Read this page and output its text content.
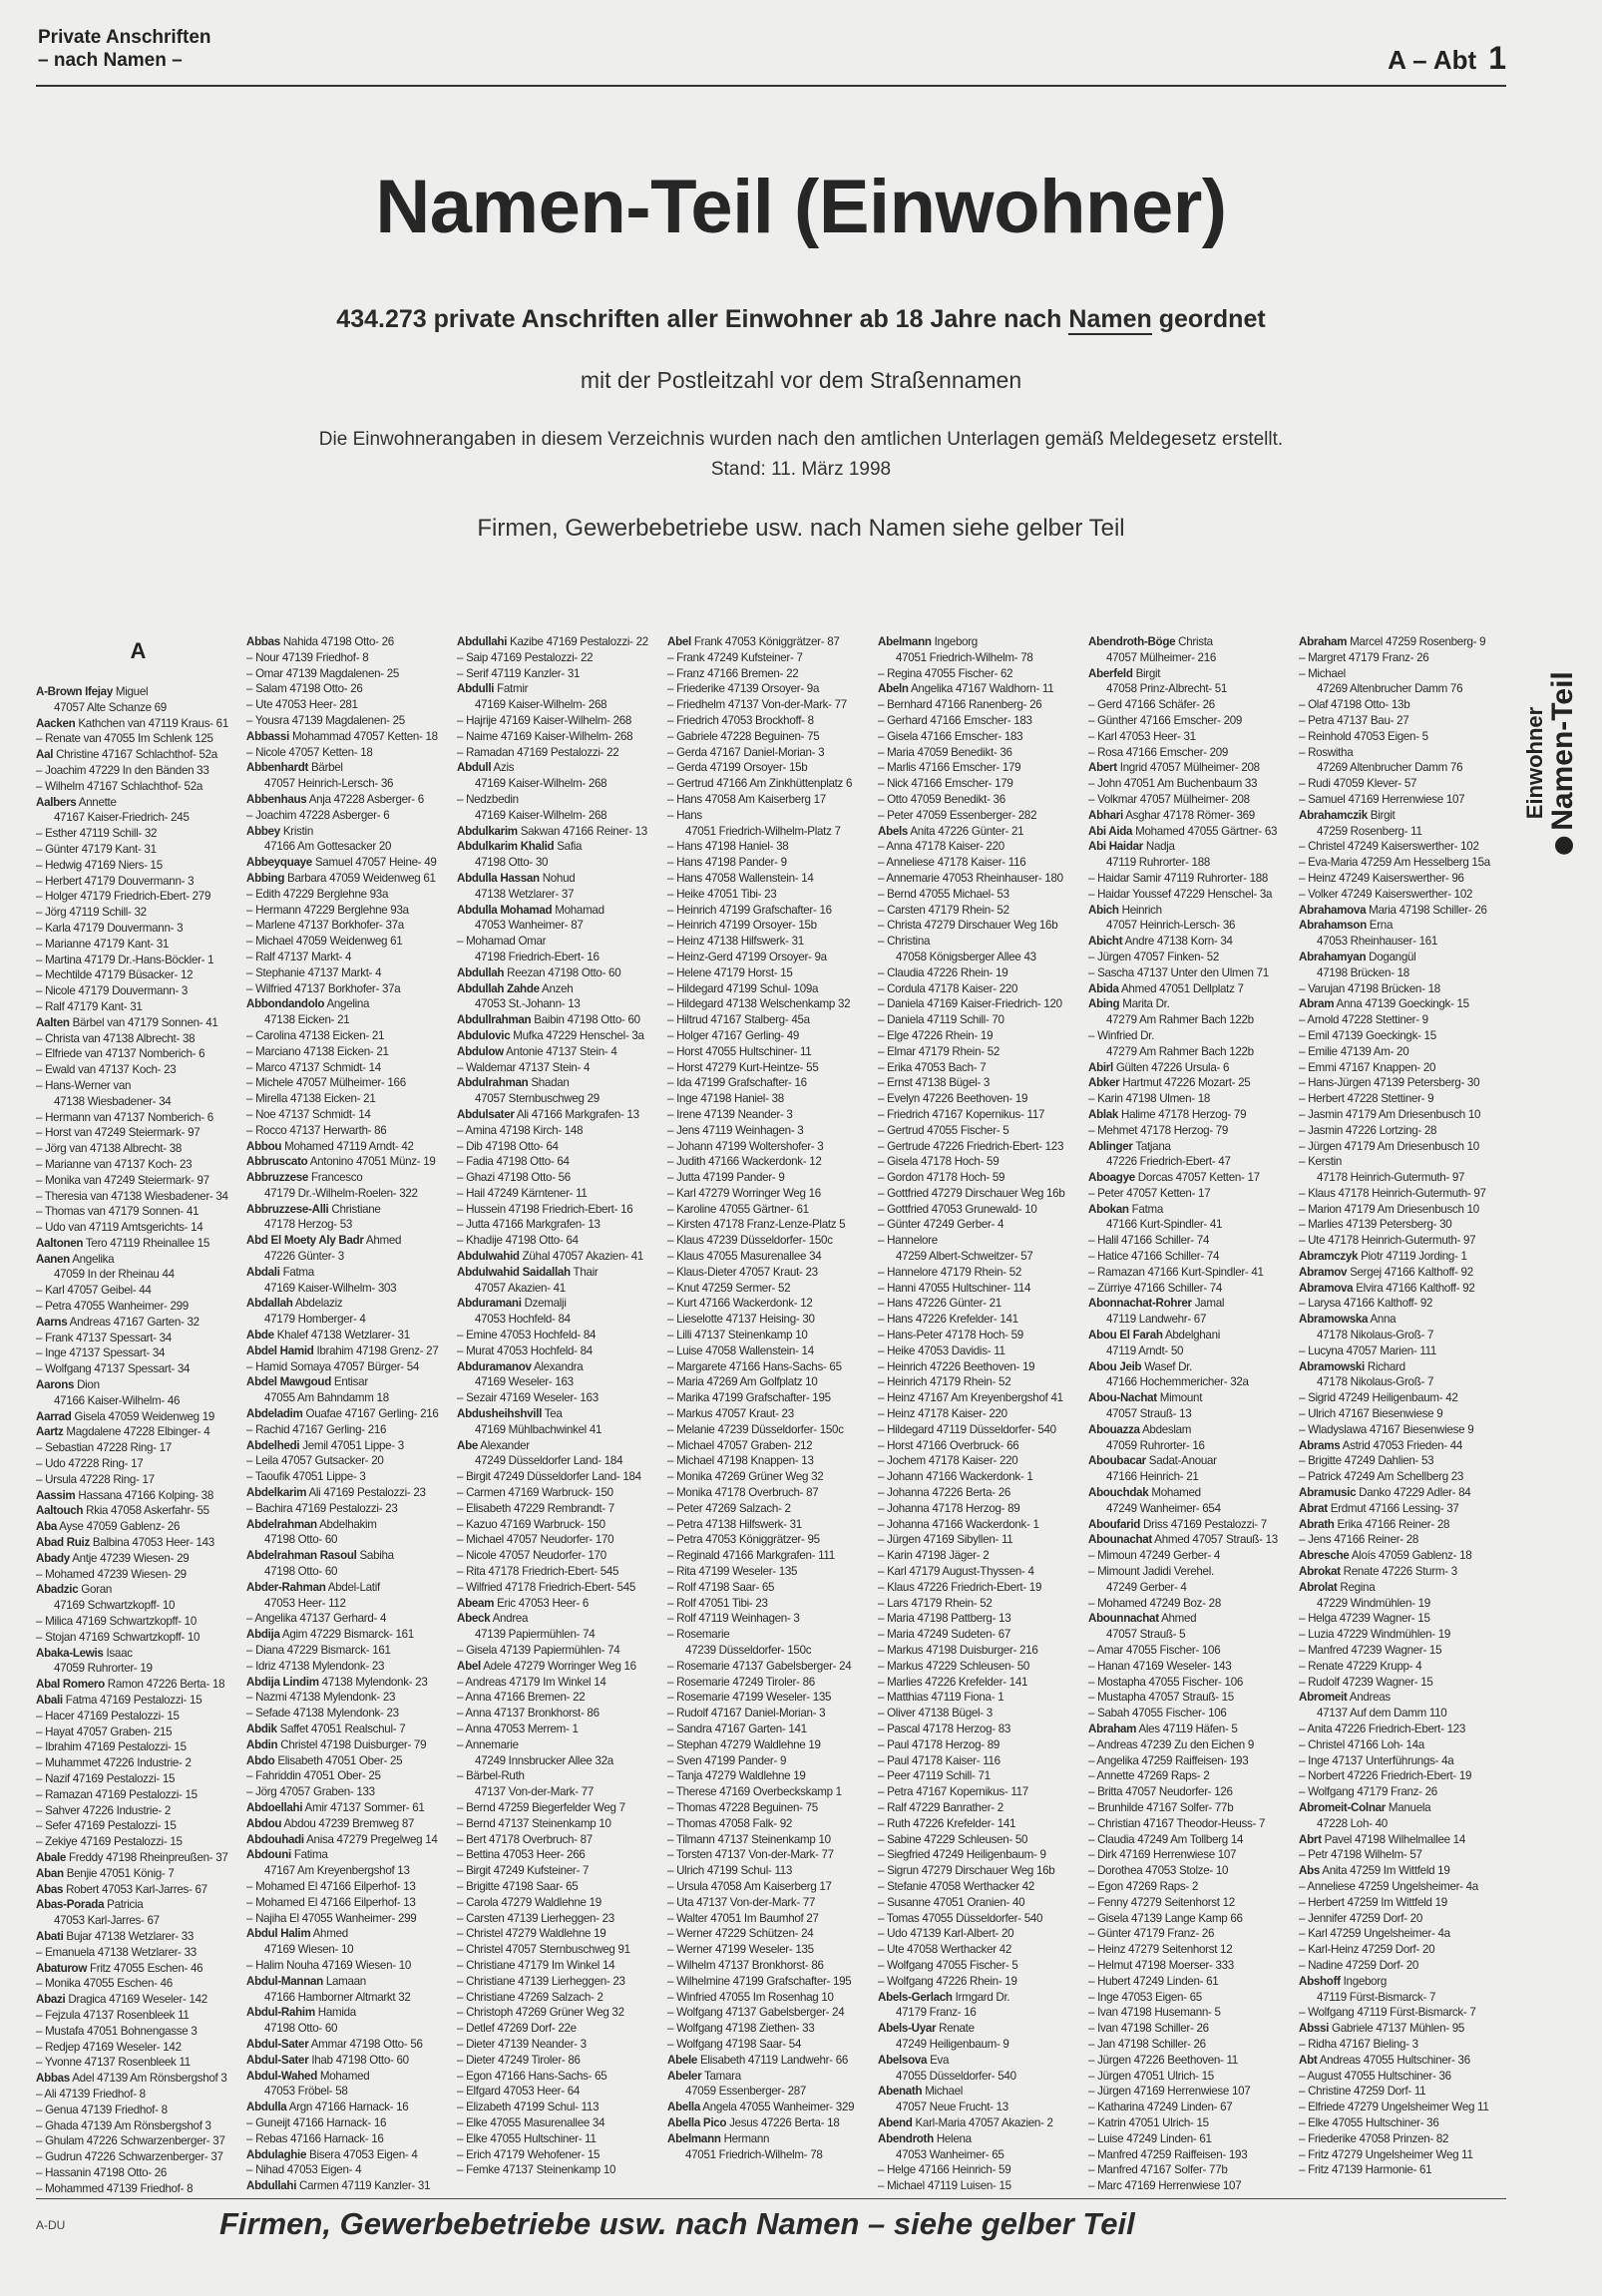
Private Anschriften
– nach Namen –	A – Abt 1
Namen-Teil (Einwohner)
434.273 private Anschriften aller Einwohner ab 18 Jahre nach Namen geordnet
mit der Postleitzahl vor dem Straßennamen
Die Einwohnerangaben in diesem Verzeichnis wurden nach den amtlichen Unterlagen gemäß Meldegesetz erstellt.
Stand: 11. März 1998
Firmen, Gewerbebetriebe usw. nach Namen siehe gelber Teil
Einwohner Namen-Teil
A
A-Brown Ifejay Miguel
47057 Alte Schanze 69
Aacken Kathchen van 47119 Kraus- 61
– Renate van 47055 Im Schlenk 125
Aal Christine 47167 Schlachthof- 52a
– Joachim 47229 In den Bänden 33
– Wilhelm 47167 Schlachthof- 52a
Aalbers Annette
47167 Kaiser-Friedrich- 245
– Esther 47119 Schill- 32
– Günter 47179 Kant- 31
– Hedwig 47169 Niers- 15
– Herbert 47179 Douvermann- 3
– Holger 47179 Friedrich-Ebert- 279
– Jörg 47119 Schill- 32
– Karla 47179 Douvermann- 3
– Marianne 47179 Kant- 31
– Martina 47179 Dr.-Hans-Böckler- 1
– Mechtilde 47179 Büsacker- 12
– Nicole 47179 Douvermann- 3
– Ralf 47179 Kant- 31
Aalten Bärbel van 47179 Sonnen- 41
– Christa van 47138 Albrecht- 38
– Elfriede van 47137 Nomberich- 6
– Ewald van 47137 Koch- 23
– Hans-Werner van
47138 Wiesbadener- 34
– Hermann van 47137 Nomberich- 6
– Horst van 47249 Steiermark- 97
– Jörg van 47138 Albrecht- 38
– Marianne van 47137 Koch- 23
– Monika van 47249 Steiermark- 97
– Theresia van 47138 Wiesbadener- 34
– Thomas van 47179 Sonnen- 41
– Udo van 47119 Amtsgerichts- 14
Aaltonen Tero 47119 Rheinallee 15
Aanen Angelika
47059 In der Rheinau 44
– Karl 47057 Geibel- 44
– Petra 47055 Wanheimer- 299
Aarns Andreas 47167 Garten- 32
– Frank 47137 Spessart- 34
– Inge 47137 Spessart- 34
– Wolfgang 47137 Spessart- 34
Aarons Dion
47166 Kaiser-Wilhelm- 46
Aarrad Gisela 47059 Weidenweg 19
Aartz Magdalene 47228 Elbinger- 4
– Sebastian 47228 Ring- 17
– Udo 47228 Ring- 17
– Ursula 47228 Ring- 17
Aassim Hassana 47166 Kolping- 38
Aaltouch Rkia 47058 Askerfahr- 55
Aba Ayse 47059 Gablenz- 26
Abad Ruiz Balbina 47053 Heer- 143
Abady Antje 47239 Wiesen- 29
– Mohamed 47239 Wiesen- 29
Abadzic Goran
47169 Schwartzkopff- 10
– Milica 47169 Schwartzkopff- 10
– Stojan 47169 Schwartzkopff- 10
Abaka-Lewis Isaac
47059 Ruhrorter- 19
Abal Romero Ramon 47226 Berta- 18
Abali Fatma 47169 Pestalozzi- 15
– Hacer 47169 Pestalozzi- 15
– Hayat 47057 Graben- 215
– Ibrahim 47169 Pestalozzi- 15
– Muhammet 47226 Industrie- 2
– Nazif 47169 Pestalozzi- 15
– Ramazan 47169 Pestalozzi- 15
– Sahver 47226 Industrie- 2
– Sefer 47169 Pestalozzi- 15
– Zekiye 47169 Pestalozzi- 15
Abale Freddy 47198 Rheinpreußen- 37
Aban Benjie 47051 König- 7
Abas Robert 47053 Karl-Jarres- 67
Abas-Porada Patricia
47053 Karl-Jarres- 67
Abati Bujar 47138 Wetzlarer- 33
– Emanuela 47138 Wetzlarer- 33
Abaturow Fritz 47055 Eschen- 46
– Monika 47055 Eschen- 46
Abazi Dragica 47169 Weseler- 142
– Fejzula 47137 Rosenbleek 11
– Mustafa 47051 Bohnengasse 3
– Redjep 47169 Weseler- 142
– Yvonne 47137 Rosenbleek 11
Abbas Adel 47139 Am Rönsbergshof 3
– Ali 47139 Friedhof- 8
– Genua 47139 Friedhof- 8
– Ghada 47139 Am Rönsbergshof 3
– Ghulam 47226 Schwarzenberger- 37
– Gudrun 47226 Schwarzenberger- 37
– Hassanin 47198 Otto- 26
– Mohammed 47139 Friedhof- 8
Abbas Nahida 47198 Otto- 26
– Nour 47139 Friedhof- 8
– Omar 47139 Magdalenen- 25
– Salam 47198 Otto- 26
– Ute 47053 Heer- 281
– Yousra 47139 Magdalenen- 25
Abbassi Mohammad 47057 Ketten- 18
– Nicole 47057 Ketten- 18
Abbenhardt Bärbel
47057 Heinrich-Lersch- 36
Abbenhaus Anja 47228 Asberger- 6
– Joachim 47228 Asberger- 6
Abbey Kristin
47166 Am Gottesacker 20
Abbeyquaye Samuel 47057 Heine- 49
Abbing Barbara 47059 Weidenweg 61
– Edith 47229 Berglehne 93a
– Hermann 47229 Berglehne 93a
– Marlene 47137 Borkhofer- 37a
– Michael 47059 Weidenweg 61
– Ralf 47137 Markt- 4
– Stephanie 47137 Markt- 4
– Wilfried 47137 Borkhofer- 37a
Abbondandolo Angelina
47138 Eicken- 21
– Carolina 47138 Eicken- 21
– Marciano 47138 Eicken- 21
– Marco 47137 Schmidt- 14
– Michele 47057 Mülheimer- 166
– Mirella 47138 Eicken- 21
– Noe 47137 Schmidt- 14
– Rocco 47137 Herwarth- 86
Abbou Mohamed 47119 Arndt- 42
Abbruscato Antonino 47051 Münz- 19
Abbruzzese Francesco
47179 Dr.-Wilhelm-Roelen- 322
Abbruzzese-Alli Christiane
47178 Herzog- 53
Abd El Moety Aly Badr Ahmed
47226 Günter- 3
Abdali Fatma
47169 Kaiser-Wilhelm- 303
Abdallah Abdelaziz
47179 Homberger- 4
Abde Khalef 47138 Wetzlarer- 31
Abdel Hamid Ibrahim 47198 Grenz- 27
– Hamid Somaya 47057 Bürger- 54
Abdel Mawgoud Entisar
47055 Am Bahndamm 18
Abdeladim Ouafae 47167 Gerling- 216
– Rachid 47167 Gerling- 216
Abdelhedi Jemil 47051 Lippe- 3
– Leila 47057 Gutsacker- 20
– Taoufik 47051 Lippe- 3
Abdelkarim Ali 47169 Pestalozzi- 23
– Bachira 47169 Pestalozzi- 23
Abdelrahman Abdelhakim
47198 Otto- 60
Abdelrahman Rasoul Sabiha
47198 Otto- 60
Abder-Rahman Abdel-Latif
47053 Heer- 112
– Angelika 47137 Gerhard- 4
Abdija Agim 47229 Bismarck- 161
– Diana 47229 Bismarck- 161
– Idriz 47138 Mylendonk- 23
Abdija Lindim 47138 Mylendonk- 23
– Nazmi 47138 Mylendonk- 23
– Sefade 47138 Mylendonk- 23
Abdik Saffet 47051 Realschul- 7
Abdin Christel 47198 Duisburger- 79
Abdo Elisabeth 47051 Ober- 25
– Fahriddin 47051 Ober- 25
– Jörg 47057 Graben- 133
Abdoellahi Amir 47137 Sommer- 61
Abdou Abdou 47239 Bremweg 87
Abdouhadi Anisa 47279 Pregelweg 14
Abdouni Fatima
47167 Am Kreyenbergshof 13
– Mohamed El 47166 Eilperhof- 13
– Mohamed El 47166 Eilperhof- 13
– Najiha El 47055 Wanheimer- 299
Abdul Halim Ahmed
47169 Wiesen- 10
– Halim Nouha 47169 Wiesen- 10
Abdul-Mannan Lamaan
47166 Hamborner Altmarkt 32
Abdul-Rahim Hamida
47198 Otto- 60
Abdul-Sater Ammar 47198 Otto- 56
Abdul-Sater Ihab 47198 Otto- 60
Abdul-Wahed Mohamed
47053 Fröbel- 58
Abdulla Argn 47166 Harnack- 16
– Guneijt 47166 Harnack- 16
– Rebas 47166 Harnack- 16
Abdulaghie Bisera 47053 Eigen- 4
– Nihad 47053 Eigen- 4
Abdullahi Carmen 47119 Kanzler- 31
Abdullahi Kazibe 47169 Pestalozzi- 22
– Saip 47169 Pestalozzi- 22
– Serif 47119 Kanzler- 31
Abdulli Fatmir
47169 Kaiser-Wilhelm- 268
– Hajrije 47169 Kaiser-Wilhelm- 268
– Naime 47169 Kaiser-Wilhelm- 268
– Ramadan 47169 Pestalozzi- 22
Abdull Azis
47169 Kaiser-Wilhelm- 268
– Nedzbedin
47169 Kaiser-Wilhelm- 268
Abdulkarim Sakwan 47166 Reiner- 13
Abdulkarim Khalid Safia
47198 Otto- 30
Abdulla Hassan Nohud
47138 Wetzlarer- 37
Abdulla Mohamad Mohamad
47053 Wanheimer- 87
– Mohamad Omar
47198 Friedrich-Ebert- 16
Abdullah Reezan 47198 Otto- 60
Abdullah Zahde Anzeh
47053 St.-Johann- 13
Abdullrahman Baibin 47198 Otto- 60
Abdulovic Mufka 47229 Henschel- 3a
Abdulow Antonie 47137 Stein- 4
– Waldemar 47137 Stein- 4
Abdulrahman Shadan
47057 Sternbuschweg 29
Abdulsater Ali 47166 Markgrafen- 13
– Amina 47198 Kirch- 148
– Dib 47198 Otto- 64
– Fadia 47198 Otto- 64
– Ghazi 47198 Otto- 56
– Hail 47249 Kärntener- 11
– Hussein 47198 Friedrich-Ebert- 16
– Jutta 47166 Markgrafen- 13
– Khadije 47198 Otto- 64
Abdulwahid Zühal 47057 Akazien- 41
Abdulwahid Saidallah Thair
47057 Akazien- 41
Abduramani Dzemalji
47053 Hochfeld- 84
– Emine 47053 Hochfeld- 84
– Murat 47053 Hochfeld- 84
Abduramanov Alexandra
47169 Weseler- 163
– Sezair 47169 Weseler- 163
Abdusheihshvill Tea
47169 Mühlbachwinkel 41
Abe Alexander
47249 Düsseldorfer Land- 184
– Birgit 47249 Düsseldorfer Land- 184
– Carmen 47169 Warbruck- 150
– Elisabeth 47229 Rembrandt- 7
– Kazuo 47169 Warbruck- 150
– Michael 47057 Neudorfer- 170
– Nicole 47057 Neudorfer- 170
– Rita 47178 Friedrich-Ebert- 545
– Wilfried 47178 Friedrich-Ebert- 545
Abeam Eric 47053 Heer- 6
Abeck Andrea
47139 Papiermühlen- 74
– Gisela 47139 Papiermühlen- 74
Abel Adele 47279 Worringer Weg 16
– Andreas 47179 Im Winkel 14
– Anna 47166 Bremen- 22
– Anna 47137 Bronkhorst- 86
– Anna 47053 Merrem- 1
– Annemarie
47249 Innsbrucker Allee 32a
– Bärbel-Ruth
47137 Von-der-Mark- 77
– Bernd 47259 Biegerfelder Weg 7
– Bernd 47137 Steinenkamp 10
– Bert 47178 Overbruch- 87
– Bettina 47053 Heer- 266
– Birgit 47249 Kufsteiner- 7
– Brigitte 47198 Saar- 65
– Carola 47279 Waldlehne 19
– Carsten 47139 Lierheggen- 23
– Christel 47279 Waldlehne 19
– Christel 47057 Sternbuschweg 91
– Christiane 47179 Im Winkel 14
– Christiane 47139 Lierheggen- 23
– Christiane 47269 Salzach- 2
– Christoph 47269 Grüner Weg 32
– Detlef 47269 Dorf- 22e
– Dieter 47139 Neander- 3
– Dieter 47249 Tiroler- 86
– Egon 47166 Hans-Sachs- 65
– Elfgard 47053 Heer- 64
– Elizabeth 47199 Schul- 113
– Elke 47055 Masurenallee 34
– Elke 47055 Hultschiner- 11
– Erich 47179 Wehofener- 15
– Femke 47137 Steinenkamp 10
Abel Frank 47053 Königgrätzer- 87
– Frank 47249 Kufsteiner- 7
– Franz 47166 Bremen- 22
– Friederike 47139 Orsoyer- 9a
– Friedhelm 47137 Von-der-Mark- 77
– Friedrich 47053 Brockhoff- 8
– Gabriele 47228 Beguinen- 75
– Gerda 47167 Daniel-Morian- 3
– Gerda 47199 Orsoyer- 15b
– Gertrud 47166 Am Zinkhüttenplatz 6
– Hans 47058 Am Kaiserberg 17
– Hans
47051 Friedrich-Wilhelm-Platz 7
– Hans 47198 Haniel- 38
– Hans 47198 Pander- 9
– Hans 47058 Wallenstein- 14
– Heike 47051 Tibi- 23
– Heinrich 47199 Grafschafter- 16
– Heinrich 47199 Orsoyer- 15b
– Heinz 47138 Hilfswerk- 31
– Heinz-Gerd 47199 Orsoyer- 9a
– Helene 47179 Horst- 15
– Hildegard 47199 Schul- 109a
– Hildegard 47138 Welschenkamp 32
– Hiltrud 47167 Stalberg- 45a
– Holger 47167 Gerling- 49
– Horst 47055 Hultschiner- 11
– Horst 47279 Kurt-Heintze- 55
– Ida 47199 Grafschafter- 16
– Inge 47198 Haniel- 38
– Irene 47139 Neander- 3
– Jens 47119 Weinhagen- 3
– Johann 47199 Woltershofer- 3
– Judith 47166 Wackerdonk- 12
– Jutta 47199 Pander- 9
– Karl 47279 Worringer Weg 16
– Karoline 47055 Gärtner- 61
– Kirsten 47178 Franz-Lenze-Platz 5
– Klaus 47239 Düsseldorfer- 150c
– Klaus 47055 Masurenallee 34
– Klaus-Dieter 47057 Kraut- 23
– Knut 47259 Sermer- 52
– Kurt 47166 Wackerdonk- 12
– Lieselotte 47137 Heising- 30
– Lilli 47137 Steinenkamp 10
– Luise 47058 Wallenstein- 14
– Margarete 47166 Hans-Sachs- 65
– Maria 47269 Am Golfplatz 10
– Marika 47199 Grafschafter- 195
– Markus 47057 Kraut- 23
– Melanie 47239 Düsseldorfer- 150c
– Michael 47057 Graben- 212
– Michael 47198 Knappen- 13
– Monika 47269 Grüner Weg 32
– Monika 47178 Overbruch- 87
– Peter 47269 Salzach- 2
– Petra 47138 Hilfswerk- 31
– Petra 47053 Königgrätzer- 95
– Reginald 47166 Markgrafen- 111
– Rita 47199 Weseler- 135
– Rolf 47198 Saar- 65
– Rolf 47051 Tibi- 23
– Rolf 47119 Weinhagen- 3
– Rosemarie
47239 Düsseldorfer- 150c
– Rosemarie 47137 Gabelsberger- 24
– Rosemarie 47249 Tiroler- 86
– Rosemarie 47199 Weseler- 135
– Rudolf 47167 Daniel-Morian- 3
– Sandra 47167 Garten- 141
– Stephan 47279 Waldlehne 19
– Sven 47199 Pander- 9
– Tanja 47279 Waldlehne 19
– Therese 47169 Overbeckskamp 1
– Thomas 47228 Beguinen- 75
– Thomas 47058 Falk- 92
– Tilmann 47137 Steinenkamp 10
– Torsten 47137 Von-der-Mark- 77
– Ulrich 47199 Schul- 113
– Ursula 47058 Am Kaiserberg 17
– Uta 47137 Von-der-Mark- 77
– Walter 47051 Im Baumhof 27
– Werner 47229 Schützen- 24
– Werner 47199 Weseler- 135
– Wilhelm 47137 Bronkhorst- 86
– Wilhelmine 47199 Grafschafter- 195
– Winfried 47055 Im Rosenhag 10
– Wolfgang 47137 Gabelsberger- 24
– Wolfgang 47198 Ziethen- 33
– Wolfgang 47198 Saar- 54
Abele Elisabeth 47119 Landwehr- 66
Abeler Tamara
47059 Essenberger- 287
Abella Angela 47055 Wanheimer- 329
Abella Pico Jesus 47226 Berta- 18
Abelmann Hermann
47051 Friedrich-Wilhelm- 78
Abelmann Ingeborg
47051 Friedrich-Wilhelm- 78
– Regina 47055 Fischer- 62
Abeln Angelika 47167 Waldhorn- 11
– Bernhard 47166 Ranenberg- 26
– Gerhard 47166 Emscher- 183
– Gisela 47166 Emscher- 183
– Maria 47059 Benedikt- 36
– Marlis 47166 Emscher- 179
– Nick 47166 Emscher- 179
– Otto 47059 Benedikt- 36
– Peter 47059 Essenberger- 282
Abels Anita 47226 Günter- 21
– Anna 47178 Kaiser- 220
– Anneliese 47178 Kaiser- 116
– Annemarie 47053 Rheinhauser- 180
– Bernd 47055 Michael- 53
– Carsten 47179 Rhein- 52
– Christa 47279 Dirschauer Weg 16b
– Christina
47058 Königsberger Allee 43
– Claudia 47226 Rhein- 19
– Cordula 47178 Kaiser- 220
– Daniela 47169 Kaiser-Friedrich- 120
– Daniela 47119 Schill- 70
– Elge 47226 Rhein- 19
– Elmar 47179 Rhein- 52
– Erika 47053 Bach- 7
– Ernst 47138 Bügel- 3
– Evelyn 47226 Beethoven- 19
– Friedrich 47167 Kopernikus- 117
– Gertrud 47055 Fischer- 5
– Gertrude 47226 Friedrich-Ebert- 123
– Gisela 47178 Hoch- 59
– Gordon 47178 Hoch- 59
– Gottfried 47279 Dirschauer Weg 16b
– Gottfried 47053 Grunewald- 10
– Günter 47249 Gerber- 4
– Hannelore
47259 Albert-Schweitzer- 57
– Hannelore 47179 Rhein- 52
– Hanni 47055 Hultschiner- 114
– Hans 47226 Günter- 21
– Hans 47226 Krefelder- 141
– Hans-Peter 47178 Hoch- 59
– Heike 47053 Davidis- 11
– Heinrich 47226 Beethoven- 19
– Heinrich 47179 Rhein- 52
– Heinz 47167 Am Kreyenbergshof 41
– Heinz 47178 Kaiser- 220
– Hildegard 47119 Düsseldorfer- 540
– Horst 47166 Overbruck- 66
– Jochem 47178 Kaiser- 220
– Johann 47166 Wackerdonk- 1
– Johanna 47226 Berta- 26
– Johanna 47178 Herzog- 89
– Johanna 47166 Wackerdonk- 1
– Jürgen 47169 Sibyllen- 11
– Karin 47198 Jäger- 2
– Karl 47179 August-Thyssen- 4
– Klaus 47226 Friedrich-Ebert- 19
– Lars 47179 Rhein- 52
– Maria 47198 Pattberg- 13
– Maria 47249 Sudeten- 67
– Markus 47198 Duisburger- 216
– Markus 47229 Schleusen- 50
– Marlies 47226 Krefelder- 141
– Matthias 47119 Fiona- 1
– Oliver 47138 Bügel- 3
– Pascal 47178 Herzog- 83
– Paul 47178 Herzog- 89
– Paul 47178 Kaiser- 116
– Peer 47119 Schill- 71
– Petra 47167 Kopernikus- 117
– Ralf 47229 Banrather- 2
– Ruth 47226 Krefelder- 141
– Sabine 47229 Schleusen- 50
– Siegfried 47249 Heiligenbaum- 9
– Sigrun 47279 Dirschauer Weg 16b
– Stefanie 47058 Werthacker 42
– Susanne 47051 Oranien- 40
– Tomas 47055 Düsseldorfer- 540
– Udo 47139 Karl-Albert- 20
– Ute 47058 Werthacker 42
– Wolfgang 47055 Fischer- 5
– Wolfgang 47226 Rhein- 19
Abels-Gerlach Irmgard Dr.
47179 Franz- 16
Abels-Uyar Renate
47249 Heiligenbaum- 9
Abelsova Eva
47055 Düsseldorfer- 540
Abenath Michael
47057 Neue Frucht- 13
Abend Karl-Maria 47057 Akazien- 2
Abendroth Helena
47053 Wanheimer- 65
– Helge 47166 Heinrich- 59
– Michael 47119 Luisen- 15
Abendroth-Böge Christa
47057 Mülheimer- 216
Aberfeld Birgit
47058 Prinz-Albrecht- 51
– Gerd 47166 Schäfer- 26
– Günther 47166 Emscher- 209
– Karl 47053 Heer- 31
– Rosa 47166 Emscher- 209
Abert Ingrid 47057 Mülheimer- 208
– John 47051 Am Buchenbaum 33
– Volkmar 47057 Mülheimer- 208
Abhari Asghar 47178 Römer- 369
Abi Aida Mohamed 47055 Gärtner- 63
Abi Haidar Nadja
47119 Ruhrorter- 188
– Haidar Samir 47119 Ruhrorter- 188
– Haidar Youssef 47229 Henschel- 3a
Abich Heinrich
47057 Heinrich-Lersch- 36
Abicht Andre 47138 Korn- 34
– Jürgen 47057 Finken- 52
– Sascha 47137 Unter den Ulmen 71
Abida Ahmed 47051 Dellplatz 7
Abing Marita Dr.
47279 Am Rahmer Bach 122b
– Winfried Dr.
47279 Am Rahmer Bach 122b
Abirl Gülten 47226 Ursula- 6
Abker Hartmut 47226 Mozart- 25
– Karin 47198 Ulmen- 18
Ablak Halime 47178 Herzog- 79
– Mehmet 47178 Herzog- 79
Ablinger Tatjana
47226 Friedrich-Ebert- 47
Aboagye Dorcas 47057 Ketten- 17
– Peter 47057 Ketten- 17
Abokan Fatma
47166 Kurt-Spindler- 41
– Halil 47166 Schiller- 74
– Hatice 47166 Schiller- 74
– Ramazan 47166 Kurt-Spindler- 41
– Zürriye 47166 Schiller- 74
Abonnachat-Rohrer Jamal
47119 Landwehr- 67
Abou El Farah Abdelghani
47119 Arndt- 50
Abou Jeib Wasef Dr.
47166 Hochemmericher- 32a
Abou-Nachat Mimount
47057 Strauß- 13
Abouazza Abdeslam
47059 Ruhrorter- 16
Aboubacar Sadat-Anouar
47166 Heinrich- 21
Abouchdak Mohamed
47249 Wanheimer- 654
Aboufarid Driss 47169 Pestalozzi- 7
Abounachat Ahmed 47057 Strauß- 13
– Mimoun 47249 Gerber- 4
– Mimount Jadidi Verehel.
47249 Gerber- 4
– Mohamed 47249 Boz- 28
Abounnachat Ahmed
47057 Strauß- 5
– Amar 47055 Fischer- 106
– Hanan 47169 Weseler- 143
– Mostapha 47055 Fischer- 106
– Mustapha 47057 Strauß- 15
– Sabah 47055 Fischer- 106
Abraham Ales 47119 Häfen- 5
– Andreas 47239 Zu den Eichen 9
– Angelika 47259 Raiffeisen- 193
– Annette 47269 Raps- 2
– Britta 47057 Neudorfer- 126
– Brunhilde 47167 Solfer- 77b
– Christian 47167 Theodor-Heuss- 7
– Claudia 47249 Am Tollberg 14
– Dirk 47169 Herrenwiese 107
– Dorothea 47053 Stolze- 10
– Egon 47269 Raps- 2
– Fenny 47279 Seitenhorst 12
– Gisela 47139 Lange Kamp 66
– Günter 47179 Franz- 26
– Heinz 47279 Seitenhorst 12
– Helmut 47198 Moerser- 333
– Hubert 47249 Linden- 61
– Inge 47053 Eigen- 65
– Ivan 47198 Husemann- 5
– Ivan 47198 Schiller- 26
– Jan 47198 Schiller- 26
– Jürgen 47226 Beethoven- 11
– Jürgen 47051 Ulrich- 15
– Jürgen 47169 Herrenwiese 107
– Katharina 47249 Linden- 67
– Katrin 47051 Ulrich- 15
– Luise 47249 Linden- 61
– Manfred 47259 Raiffeisen- 193
– Manfred 47167 Solfer- 77b
– Marc 47169 Herrenwiese 107
Abraham Marcel 47259 Rosenberg- 9
– Margret 47179 Franz- 26
– Michael
47269 Altenbrucher Damm 76
– Olaf 47198 Otto- 13b
– Petra 47137 Bau- 27
– Reinhold 47053 Eigen- 5
– Roswitha
47269 Altenbrucher Damm 76
– Rudi 47059 Klever- 57
– Samuel 47169 Herrenwiese 107
Abrahamczik Birgit
47259 Rosenberg- 11
– Christel 47249 Kaiserswerther- 102
– Eva-Maria 47259 Am Hesselberg 15a
– Heinz 47249 Kaiserswerther- 96
– Volker 47249 Kaiserswerther- 102
Abrahamova Maria 47198 Schiller- 26
Abrahamson Erna
47053 Rheinhauser- 161
Abrahamyan Dogangül
47198 Brücken- 18
– Varujan 47198 Brücken- 18
Abram Anna 47139 Goeckingk- 15
– Arnold 47228 Stettiner- 9
– Emil 47139 Goeckingk- 15
– Emilie 47139 Am- 20
– Emmi 47167 Knappen- 20
– Hans-Jürgen 47139 Petersberg- 30
– Herbert 47228 Stettiner- 9
– Jasmin 47179 Am Driesenbusch 10
– Jasmin 47226 Lortzing- 28
– Jürgen 47179 Am Driesenbusch 10
– Kerstin
47178 Heinrich-Gutermuth- 97
– Klaus 47178 Heinrich-Gutermuth- 97
– Marion 47179 Am Driesenbusch 10
– Marlies 47139 Petersberg- 30
– Ute 47178 Heinrich-Gutermuth- 97
Abramczyk Piotr 47119 Jording- 1
Abramov Sergej 47166 Kalthoff- 92
Abramova Elvira 47166 Kalthoff- 92
– Larysa 47166 Kalthoff- 92
Abramowska Anna
47178 Nikolaus-Groß- 7
– Lucyna 47057 Marien- 111
Abramowski Richard
47178 Nikolaus-Groß- 7
– Sigrid 47249 Heiligenbaum- 42
– Ulrich 47167 Biesenwiese 9
– Wladyslawa 47167 Biesenwiese 9
Abrams Astrid 47053 Frieden- 44
– Brigitte 47249 Dahlien- 53
– Patrick 47249 Am Schellberg 23
Abramusic Danko 47229 Adler- 84
Abrat Erdmut 47166 Lessing- 37
Abrath Erika 47166 Reiner- 28
– Jens 47166 Reiner- 28
Abresche Aloís 47059 Gablenz- 18
Abrokat Renate 47226 Sturm- 3
Abrolat Regina
47229 Windmühlen- 19
– Helga 47239 Wagner- 15
– Luzia 47229 Windmühlen- 19
– Manfred 47239 Wagner- 15
– Renate 47229 Krupp- 4
– Rudolf 47239 Wagner- 15
Abromeit Andreas
47137 Auf dem Damm 110
– Anita 47226 Friedrich-Ebert- 123
– Christel 47166 Loh- 14a
– Inge 47137 Unterführungs- 4a
– Norbert 47226 Friedrich-Ebert- 19
– Wolfgang 47179 Franz- 26
Abromeit-Colnar Manuela
47228 Loh- 40
Abrt Pavel 47198 Wilhelmallee 14
– Petr 47198 Wilhelm- 57
Abs Anita 47259 Im Wittfeld 19
– Anneliese 47259 Ungelsheimer- 4a
– Herbert 47259 Im Wittfeld 19
– Jennifer 47259 Dorf- 20
– Karl 47259 Ungelsheimer- 4a
– Karl-Heinz 47259 Dorf- 20
– Nadine 47259 Dorf- 20
Abshoff Ingeborg
47119 Fürst-Bismarck- 7
– Wolfgang 47119 Fürst-Bismarck- 7
Abssi Gabriele 47137 Mühlen- 95
– Ridha 47167 Bieling- 3
Abt Andreas 47055 Hultschiner- 36
– August 47055 Hultschiner- 36
– Christine 47259 Dorf- 11
– Elfriede 47279 Ungelsheimer Weg 11
– Elke 47055 Hultschiner- 36
– Friederike 47058 Prinzen- 82
– Fritz 47279 Ungelsheimer Weg 11
– Fritz 47139 Harmonie- 61
A-DU	Firmen, Gewerbebetriebe usw. nach Namen – siehe gelber Teil
